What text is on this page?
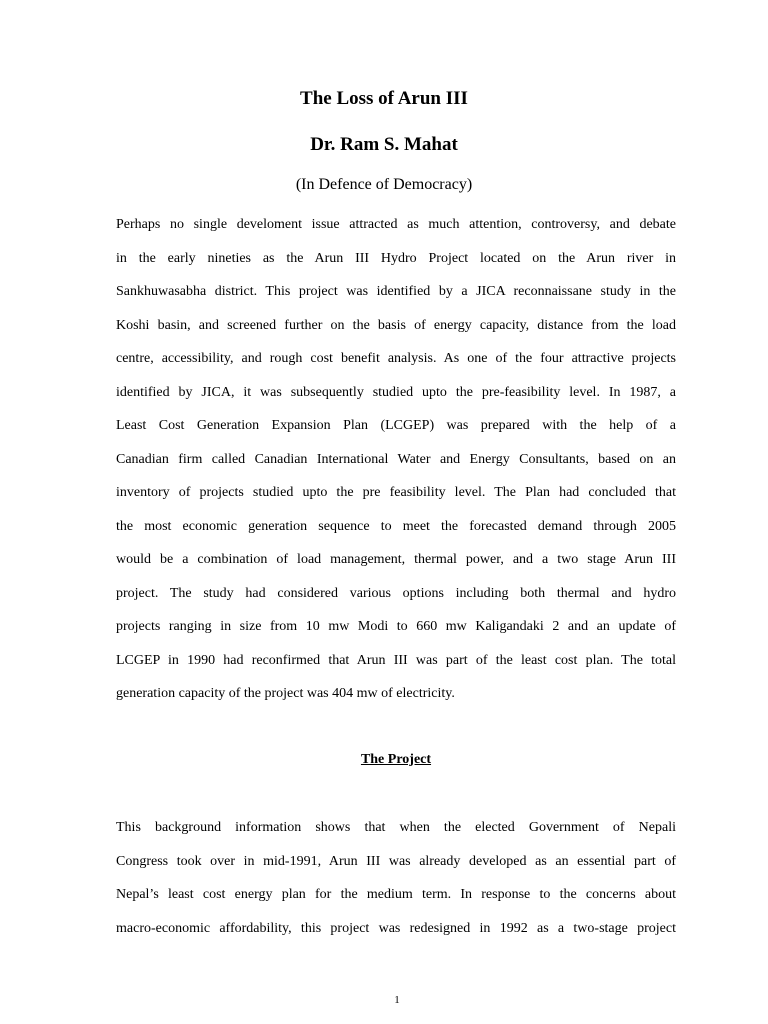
The Loss of Arun III
Dr. Ram S. Mahat

(In Defence of Democracy)

Perhaps no single develoment issue attracted as much attention, controversy, and debate
in the early nineties as the Arun III Hydro Project located on the Arun river in
Sankhuwasabha district. This project was identified by a JICA reconnaissane study in the
Koshi basin, and screened further on the basis of energy capacity, distance from the load
centre, accessibility, and rough cost benefit analysis. As one of the four attractive projects
identified by JICA, it was subsequently studied upto the pre-feasibility level. In 1987, a
Least Cost Generation Expansion Plan (LCGEP) was prepared with the help of a
Canadian firm called Canadian International Water and Energy Consultants, based on an
inventory of projects studied upto the pre feasibility level. The Plan had concluded that
the most economic generation sequence to meet the forecasted demand through 2005
would be a combination of load management, thermal power, and a two stage Arun III
project. The study had considered various options including both thermal and hydro
projects ranging in size from 10 mw Modi to 660 mw Kaligandaki 2 and an update of
LCGEP in 1990 had reconfirmed that Arun III was part of the least cost plan. The total
generation capacity of the project was 404 mw of electricity.

The Project

This background information shows that when the elected Government of Nepali
Congress took over in mid-1991, Arun III was already developed as an essential part of
Nepal’s least cost energy plan for the medium term. In response to the concerns about
macro-economic affordability, this project was redesigned in 1992 as a two-stage project

1
